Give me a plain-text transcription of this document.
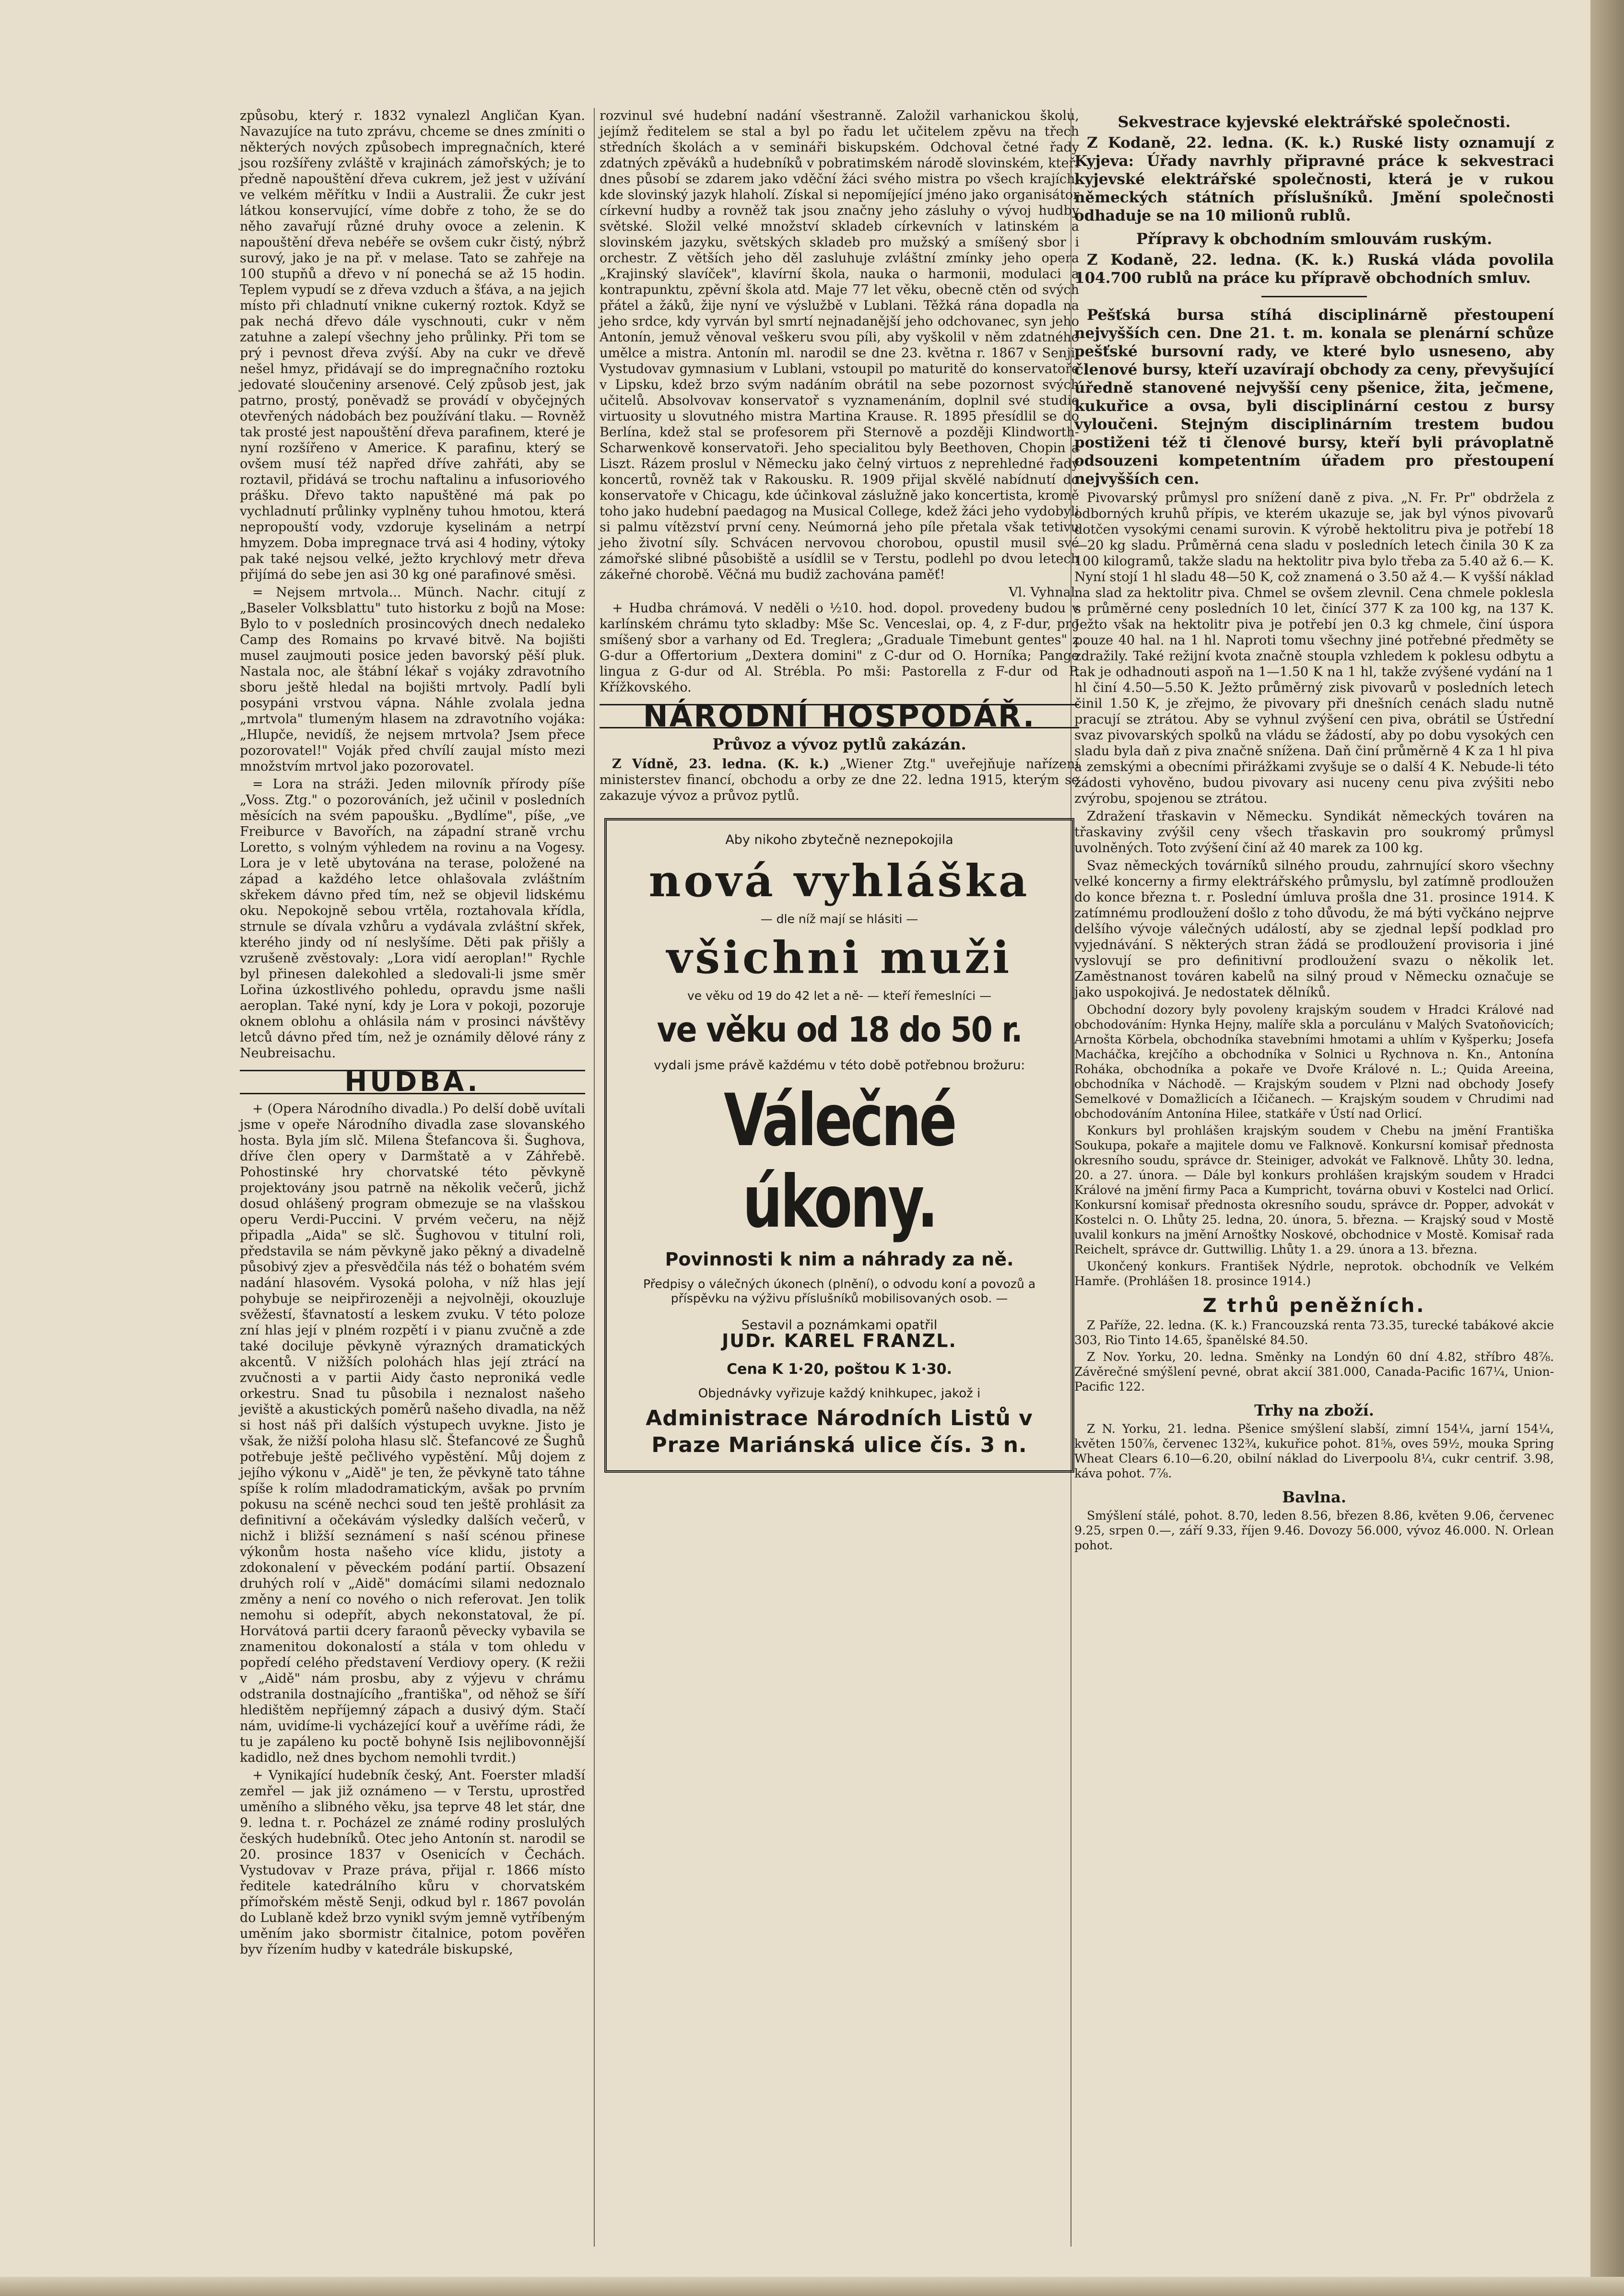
způsobu, který r. 1832 vynalezl Angličan Kyan. Navazujíce na tuto zprávu, chceme se dnes zmíniti o některých nových způsobech impregnačních, které jsou rozšířeny zvláště v krajinách zámořských; je to předně napouštění dřeva cukrem, jež jest v užívání ve velkém měřítku v Indii a Australii. Že cukr jest látkou konservující, víme dobře z toho, že se do něho zavařují různé druhy ovoce a zelenin. K napouštění dřeva nebéře se ovšem cukr čistý, nýbrž surový, jako je na př. v melase. Tato se zahřeje na 100 stupňů a dřevo v ní ponechá se až 15 hodin. Teplem vypudí se z dřeva vzduch a šťáva, a na jejich místo při chladnutí vnikne cukerný roztok. Když se pak nechá dřevo dále vyschnouti, cukr v něm zatuhne a zalepí všechny jeho průlinky. Při tom se prý i pevnost dřeva zvýší. Aby na cukr ve dřevě nešel hmyz, přidávají se do impregnačního roztoku jedovaté sloučeniny arsenové. Celý způsob jest, jak patrno, prostý, poněvadž se provádí v obyčejných otevřených nádobách bez používání tlaku. — Rovněž tak prosté jest napouštění dřeva parafinem, které je nyní rozšířeno v Americe. K parafinu, který se ovšem musí též napřed dříve zahřáti, aby se roztavil, přidává se trochu naftalinu a infusoriového prášku. Dřevo takto napuštěné má pak po vychladnutí průlinky vyplněny tuhou hmotou, která nepropouští vody, vzdoruje kyselinám a netrpí hmyzem. Doba impregnace trvá asi 4 hodiny, výtoky pak také nejsou velké, ježto krychlový metr dřeva přijímá do sebe jen asi 30 kg oné parafinové směsi.

= Nejsem mrtvola... Münch. Nachr. citují z „Baseler Volksblattu" tuto historku z bojů na Mose: Bylo to v posledních prosincových dnech nedaleko Camp des Romains po krvavé bitvě. Na bojišti musel zaujmouti posice jeden bavorský pěší pluk. Nastala noc, ale štábní lékař s vojáky zdravotního sboru ještě hledal na bojišti mrtvoly. Padlí byli posypáni vrstvou vápna. Náhle zvolala jedna „mrtvola" tlumeným hlasem na zdravotního vojáka: „Hlupče, nevidíš, že nejsem mrtvola? Jsem přece pozorovatel!" Voják před chvílí zaujal místo mezi množstvím mrtvol jako pozorovatel.

= Lora na stráži. Jeden milovník přírody píše „Voss. Ztg." o pozorováních, jež učinil v posledních měsících na svém papoušku. „Bydlíme", píše, „ve Freiburce v Bavořích, na západní straně vrchu Loretto, s volným výhledem na rovinu a na Vogesy. Lora je v letě ubytována na terase, položené na západ a každého letce ohlašovala zvláštním skřekem dávno před tím, než se objevil lidskému oku. Nepokojně sebou vrtěla, roztahovala křídla, strnule se dívala vzhůru a vydávala zvláštní skřek, kterého jindy od ní neslyšíme. Děti pak přišly a vzrušeně zvěstovaly: „Lora vidí aeroplan!" Rychle byl přinesen dalekohled a sledovali-li jsme směr Lořina úzkostlivého pohledu, opravdu jsme našli aeroplan. Také nyní, kdy je Lora v pokoji, pozoruje oknem oblohu a ohlásila nám v prosinci návštěvy letců dávno před tím, než je oznámily dělové rány z Neubreisachu.

HUDBA.

+ (Opera Národního divadla.) Po delší době uvítali jsme v opeře Národního divadla zase slovanského hosta. Byla jím slč. Milena Štefancova ši. Šughova, dříve člen opery v Darmštatě a v Záhřebě. Pohostinské hry chorvatské této pěvkyně projektovány jsou patrně na několik večerů, jichž dosud ohlášený program obmezuje se na vlašskou operu Verdi-Puccini. V prvém večeru, na nějž připadla „Aida" se slč. Šughovou v titulní roli, představila se nám pěvkyně jako pěkný a divadelně působivý zjev a přesvědčila nás též o bohatém svém nadání hlasovém. Vysoká poloha, v níž hlas její pohybuje se neipřirozeněji a nejvolněji, okouzluje svěžestí, šťavnatostí a leskem zvuku. V této poloze zní hlas její v plném rozpětí i v pianu zvučně a zde také dociluje pěvkyně výrazných dramatických akcentů. V nižších polohách hlas její ztrácí na zvučnosti a v partii Aidy často neproniká vedle orkestru. Snad tu působila i neznalost našeho jeviště a akustických poměrů našeho divadla, na něž si host náš při dalších výstupech uvykne. Jisto je však, že nižší poloha hlasu slč. Štefancové ze Šughů potřebuje ještě pečlivého vypěstění. Můj dojem z jejího výkonu v „Aidě" je ten, že pěvkyně tato táhne spíše k rolím mladodramatickým, avšak po prvním pokusu na scéně nechci soud ten ještě prohlásit za definitivní a očekávám výsledky dalších večerů, v nichž i bližší seznámení s naší scénou přinese výkonům hosta našeho více klidu, jistoty a zdokonalení v pěveckém podání partií. Obsazení druhých rolí v „Aidě" domácími silami nedoznalo změny a není co nového o nich referovat. Jen tolik nemohu si odepřít, abych nekonstatoval, že pí. Horvátová partii dcery faraonů pěvecky vybavila se znamenitou dokonalostí a stála v tom ohledu v popředí celého představení Verdiovy opery. (K režii v „Aidě" nám prosbu, aby z výjevu v chrámu odstranila dostnajícího „františka", od něhož se šíří hledištěm nepříjemný zápach a dusivý dým. Stačí nám, uvidíme-li vycházející kouř a uvěříme rádi, že tu je zapáleno ku poctě bohyně Isis nejlibovonnější kadidlo, než dnes bychom nemohli tvrdit.)

+ Vynikající hudebník český, Ant. Foerster mladší zemřel — jak již oznámeno — v Terstu, uprostřed uměního a slibného věku, jsa teprve 48 let stár, dne 9. ledna t. r. Pocházel ze známé rodiny proslulých českých hudebníků. Otec jeho Antonín st. narodil se 20. prosince 1837 v Osenicích v Čechách. Vystudovav v Praze práva, přijal r. 1866 místo ředitele katedrálního kůru v chorvatském přímořském městě Senji, odkud byl r. 1867 povolán do Lublaně kdež brzo vynikl svým jemně vytříbeným uměním jako sbormistr čitalnice, potom pověřen byv řízením hudby v katedrále biskupské,

rozvinul své hudební nadání všestranně. Založil varhanickou školu, jejímž ředitelem se stal a byl po řadu let učitelem zpěvu na třech středních školách a v semináři biskupském. Odchoval četné řady zdatných zpěváků a hudebníků v pobratimském národě slovinském, kteří dnes působí se zdarem jako vděční žáci svého mistra po všech krajích, kde slovinský jazyk hlaholí. Získal si nepomíjející jméno jako organisátor církevní hudby a rovněž tak jsou značny jeho zásluhy o vývoj hudby světské. Složil velké množství skladeb církevních v latinském a slovinském jazyku, světských skladeb pro mužský a smíšený sbor i orchestr. Z větších jeho děl zasluhuje zvláštní zmínky jeho opera „Krajinský slavíček", klavírní škola, nauka o harmonii, modulaci a kontrapunktu, zpěvní škola atd. Maje 77 let věku, obecně ctěn od svých přátel a žáků, žije nyní ve výslužbě v Lublani. Těžká rána dopadla na jeho srdce, kdy vyrván byl smrtí nejnadanější jeho odchovanec, syn jeho Antonín, jemuž věnoval veškeru svou píli, aby vyškolil v něm zdatného umělce a mistra. Antonín ml. narodil se dne 23. května r. 1867 v Senji. Vystudovav gymnasium v Lublani, vstoupil po maturitě do konservatoře v Lipsku, kdež brzo svým nadáním obrátil na sebe pozornost svých učitelů. Absolvovav konservatoř s vyznamenáním, doplnil své studie virtuosity u slovutného mistra Martina Krause. R. 1895 přesídlil se do Berlína, kdež stal se profesorem při Sternově a později Klindworth-Scharwenkově konservatoři. Jeho specialitou byly Beethoven, Chopin a Liszt. Rázem proslul v Německu jako čelný virtuos z neprehledné řady koncertů, rovněž tak v Rakousku. R. 1909 přijal skvělé nabídnutí do konservatoře v Chicagu, kde účinkoval záslužně jako koncertista, kromě toho jako hudební paedagog na Musical College, kdež žáci jeho vydobyli si palmu vítězství první ceny. Neúmorná jeho píle přetala však tetivu jeho životní síly. Schvácen nervovou chorobou, opustil musil své zámořské slibné působiště a usídlil se v Terstu, podlehl po dvou letech zákeřné chorobě. Věčná mu budiž zachována paměť!

Vl. Vyhnal.

+ Hudba chrámová. V neděli o ½10. hod. dopol. provedeny budou v karlínském chrámu tyto skladby: Mše Sc. Venceslai, op. 4, z F-dur, pro smíšený sbor a varhany od Ed. Treglera; „Graduale Timebunt gentes" z G-dur a Offertorium „Dextera domini" z C-dur od O. Horníka; Pange lingua z G-dur od Al. Strébla. Po mši: Pastorella z F-dur od P. Křížkovského.

NÁRODNÍ HOSPODÁŘ.
Průvoz a vývoz pytlů zakázán.

Z Vídně, 23. ledna. (K. k.) „Wiener Ztg." uveřejňuje nařízení ministerstev financí, obchodu a orby ze dne 22. ledna 1915, kterým se zakazuje vývoz a průvoz pytlů.

Aby nikoho zbytečně neznepokojila
nová vyhláška
— dle níž mají se hlásiti —
všichni muži
ve věku od 19 do 42 let a ně- — kteří řemeslníci —
ve věku od 18 do 50 r.
vydali jsme právě každému v této době potřebnou brožuru:
Válečné úkony.
Povinnosti k nim a náhrady za ně.
Předpisy o válečných úkonech (plnění), o odvodu koní a povozů a příspěvku na výživu příslušníků mobilisovaných osob. —
Sestavil a poznámkami opatřil
JUDr. KAREL FRANZL.
Cena K 1·20, poštou K 1·30.
Objednávky vyřizuje každý knihkupec, jakož i
Administrace Národních Listů v Praze Mariánská ulice čís. 3 n.
Sekvestrace kyjevské elektrářské společnosti.

Z Kodaně, 22. ledna. (K. k.) Ruské listy oznamují z Kyjeva: Úřady navrhly připravné práce k sekvestraci kyjevské elektrářské společnosti, která je v rukou německých státních příslušníků. Jmění společnosti odhaduje se na 10 milionů rublů.

Přípravy k obchodním smlouvám ruským.

Z Kodaně, 22. ledna. (K. k.) Ruská vláda povolila 104.700 rublů na práce ku přípravě obchodních smluv.

Pešťská bursa stíhá disciplinárně přestoupení nejvyšších cen. Dne 21. t. m. konala se plenární schůze pešťské bursovní rady, ve které bylo usneseno, aby členové bursy, kteří uzavírají obchody za ceny, převyšující úředně stanovené nejvyšší ceny pšenice, žita, ječmene, kukuřice a ovsa, byli disciplinární cestou z bursy vyloučeni. Stejným disciplinárním trestem budou postiženi též ti členové bursy, kteří byli právoplatně odsouzeni kompetentním úřadem pro přestoupení nejvyšších cen.

Pivovarský průmysl pro snížení daně z piva. „N. Fr. Pr" obdržela z odborných kruhů přípis, ve kterém ukazuje se, jak byl výnos pivovarů dotčen vysokými cenami surovin. K výrobě hektolitru piva je potřebí 18—20 kg sladu. Průměrná cena sladu v posledních letech činila 30 K za 100 kilogramů, takže sladu na hektolitr piva bylo třeba za 5.40 až 6.— K. Nyní stojí 1 hl sladu 48—50 K, což znamená o 3.50 až 4.— K vyšší náklad na slad za hektolitr piva. Chmel se ovšem zlevnil. Cena chmele poklesla s průměrné ceny posledních 10 let, činící 377 K za 100 kg, na 137 K. Ježto však na hektolitr piva je potřebí jen 0.3 kg chmele, činí úspora pouze 40 hal. na 1 hl. Naproti tomu všechny jiné potřebné předměty se zdražily. Také režijní kvota značně stoupla vzhledem k poklesu odbytu a tak je odhadnouti aspoň na 1—1.50 K na 1 hl, takže zvýšené vydání na 1 hl činí 4.50—5.50 K. Ježto průměrný zisk pivovarů v posledních letech činil 1.50 K, je zřejmo, že pivovary při dnešních cenách sladu nutně pracují se ztrátou. Aby se vyhnul zvýšení cen piva, obrátil se Ústřední svaz pivovarských spolků na vládu se žádostí, aby po dobu vysokých cen sladu byla daň z piva značně snížena. Daň činí průměrně 4 K za 1 hl piva a zemskými a obecními přirážkami zvyšuje se o další 4 K. Nebude-li této žádosti vyhověno, budou pivovary asi nuceny cenu piva zvýšiti nebo zvýrobu, spojenou se ztrátou.

Zdražení třaskavin v Německu. Syndikát německých továren na třaskaviny zvýšil ceny všech třaskavin pro soukromý průmysl uvolněných. Toto zvýšení činí až 40 marek za 100 kg.

Svaz německých továrníků silného proudu, zahrnující skoro všechny velké koncerny a firmy elektrářského průmyslu, byl zatímně prodloužen do konce března t. r. Poslední úmluva prošla dne 31. prosince 1914. K zatímnému prodloužení došlo z toho důvodu, že má býti vyčkáno nejprve delšího vývoje válečných událostí, aby se zjednal lepší podklad pro vyjednávání. S některých stran žádá se prodloužení provisoria i jiné vyslovují se pro definitivní prodloužení svazu o několik let. Zaměstnanost továren kabelů na silný proud v Německu označuje se jako uspokojivá. Je nedostatek dělníků.

Obchodní dozory byly povoleny krajským soudem v Hradci Králové nad obchodováním: Hynka Hejny, malíře skla a porculánu v Malých Svatoňovicích; Arnošta Körbela, obchodníka stavebními hmotami a uhlím v Kyšperku; Josefa Macháčka, krejčího a obchodníka v Solnici u Rychnova n. Kn., Antonína Roháka, obchodníka a pokaře ve Dvoře Králové n. L.; Quida Areeina, obchodníka v Náchodě. — Krajským soudem v Plzni nad obchody Josefy Semelkové v Domažlicích a Ičičanech. — Krajským soudem v Chrudimi nad obchodováním Antonína Hilee, statkáře v Ústí nad Orlicí.

Konkurs byl prohlášen krajským soudem v Chebu na jmění Františka Soukupa, pokaře a majitele domu ve Falknově. Konkursní komisař přednosta okresního soudu, správce dr. Steiniger, advokát ve Falknově. Lhůty 30. ledna, 20. a 27. února. — Dále byl konkurs prohlášen krajským soudem v Hradci Králové na jmění firmy Paca a Kumpricht, továrna obuvi v Kostelci nad Orlicí. Konkursní komisař přednosta okresního soudu, správce dr. Popper, advokát v Kostelci n. O. Lhůty 25. ledna, 20. února, 5. března. — Krajský soud v Mostě uvalil konkurs na jmění Arnoštky Noskové, obchodnice v Mostě. Komisař rada Reichelt, správce dr. Guttwillig. Lhůty 1. a 29. února a 13. března.

Ukončený konkurs. František Nýdrle, neprotok. obchodník ve Velkém Hamře. (Prohlášen 18. prosince 1914.)

Z trhů peněžních.

Z Paříže, 22. ledna. (K. k.) Francouzská renta 73.35, turecké tabákové akcie 303, Rio Tinto 14.65, španělské 84.50.

Z Nov. Yorku, 20. ledna. Směnky na Londýn 60 dní 4.82, stříbro 48⅞. Závěrečné smýšlení pevné, obrat akcií 381.000, Canada-Pacific 167¼, Union-Pacific 122.

Trhy na zboží.

Z N. Yorku, 21. ledna. Pšenice smýšlení slabší, zimní 154¼, jarní 154¼, květen 150⅞, červenec 132¾, kukuřice pohot. 81⅝, oves 59½, mouka Spring Wheat Clears 6.10—6.20, obilní náklad do Liverpoolu 8¼, cukr centrif. 3.98, káva pohot. 7⅞.

Bavlna.

Smýšlení stálé, pohot. 8.70, leden 8.56, březen 8.86, květen 9.06, červenec 9.25, srpen 0.—, září 9.33, říjen 9.46. Dovozy 56.000, vývoz 46.000. N. Orlean pohot.
